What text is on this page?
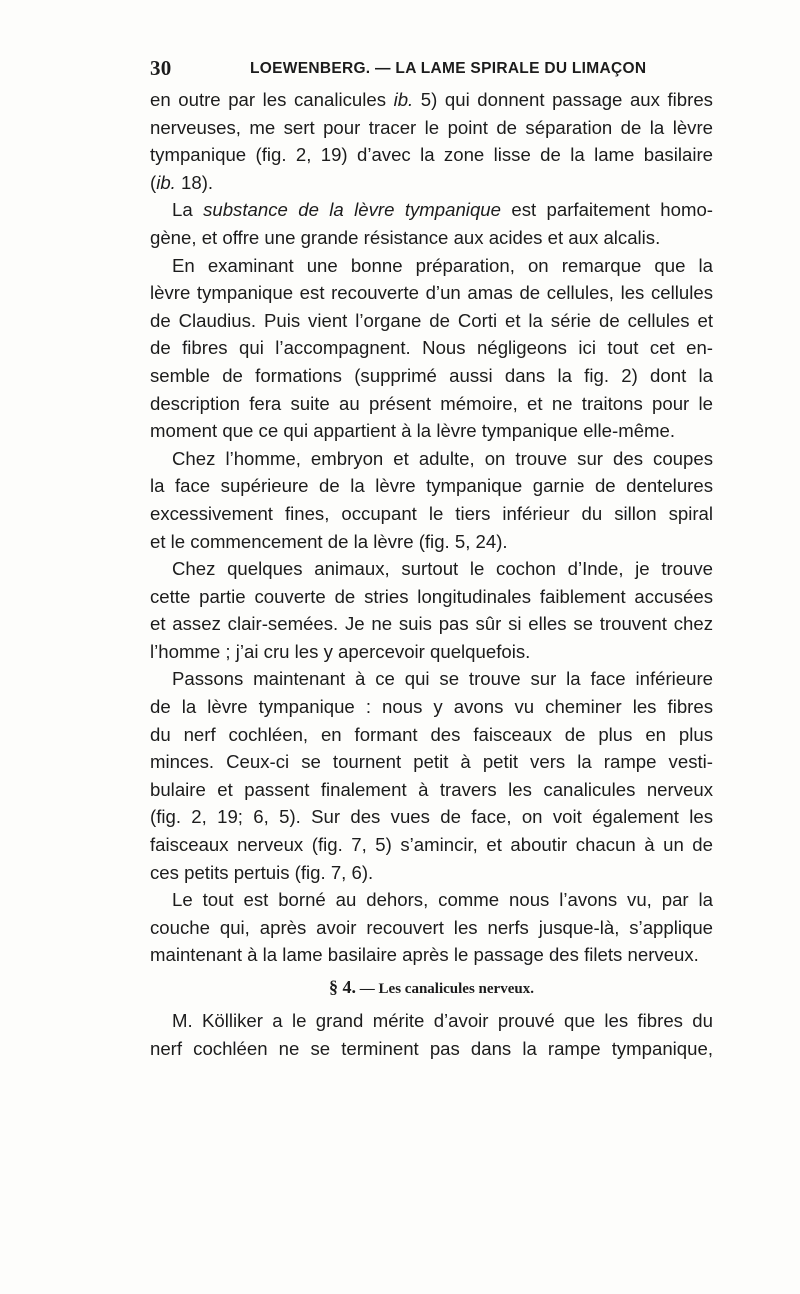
30	LOEWENBERG. — LA LAME SPIRALE DU LIMAÇON
en outre par les canalicules ib. 5) qui donnent passage aux fibres
nerveuses, me sert pour tracer le point de séparation de la lèvre
tympanique (fig. 2, 19) d’avec la zone lisse de la lame basilaire
(ib. 18).
La substance de la lèvre tympanique est parfaitement homo-
gène, et offre une grande résistance aux acides et aux alcalis.
En examinant une bonne préparation, on remarque que la
lèvre tympanique est recouverte d’un amas de cellules, les cellules
de Claudius. Puis vient l’organe de Corti et la série de cellules et
de fibres qui l’accompagnent. Nous négligeons ici tout cet en-
semble de formations (supprimé aussi dans la fig. 2) dont la
description fera suite au présent mémoire, et ne traitons pour le
moment que ce qui appartient à la lèvre tympanique elle-même.
Chez l’homme, embryon et adulte, on trouve sur des coupes
la face supérieure de la lèvre tympanique garnie de dentelures
excessivement fines, occupant le tiers inférieur du sillon spiral
et le commencement de la lèvre (fig. 5, 24).
Chez quelques animaux, surtout le cochon d’Inde, je trouve
cette partie couverte de stries longitudinales faiblement accusées
et assez clair-semées. Je ne suis pas sûr si elles se trouvent chez
l’homme ; j’ai cru les y apercevoir quelquefois.
Passons maintenant à ce qui se trouve sur la face inférieure
de la lèvre tympanique : nous y avons vu cheminer les fibres
du nerf cochléen, en formant des faisceaux de plus en plus
minces. Ceux-ci se tournent petit à petit vers la rampe vesti-
bulaire et passent finalement à travers les canalicules nerveux
(fig. 2, 19; 6, 5). Sur des vues de face, on voit également les
faisceaux nerveux (fig. 7, 5) s’amincir, et aboutir chacun à un de
ces petits pertuis (fig. 7, 6).
Le tout est borné au dehors, comme nous l’avons vu, par la
couche qui, après avoir recouvert les nerfs jusque-là, s’applique
maintenant à la lame basilaire après le passage des filets nerveux.
§ 4. — Les canalicules nerveux.
M. Kölliker a le grand mérite d’avoir prouvé que les fibres du
nerf cochléen ne se terminent pas dans la rampe tympanique,
